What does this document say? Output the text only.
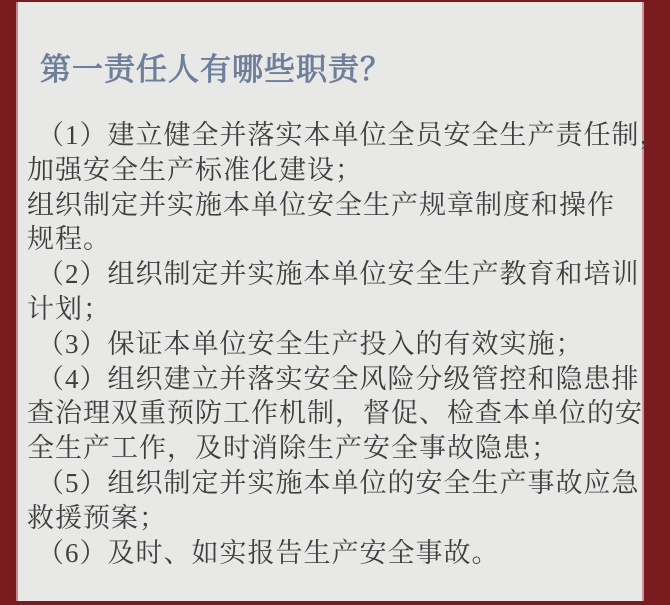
第一责任人有哪些职责？
（1）建立健全并落实本单位全员安全生产责任制，
加强安全生产标准化建设；
组织制定并实施本单位安全生产规章制度和操作
规程。
（2）组织制定并实施本单位安全生产教育和培训
计划；
（3）保证本单位安全生产投入的有效实施；
（4）组织建立并落实安全风险分级管控和隐患排
查治理双重预防工作机制，督促、检查本单位的安
全生产工作，及时消除生产安全事故隐患；
（5）组织制定并实施本单位的安全生产事故应急
救援预案；
（6）及时、如实报告生产安全事故。
